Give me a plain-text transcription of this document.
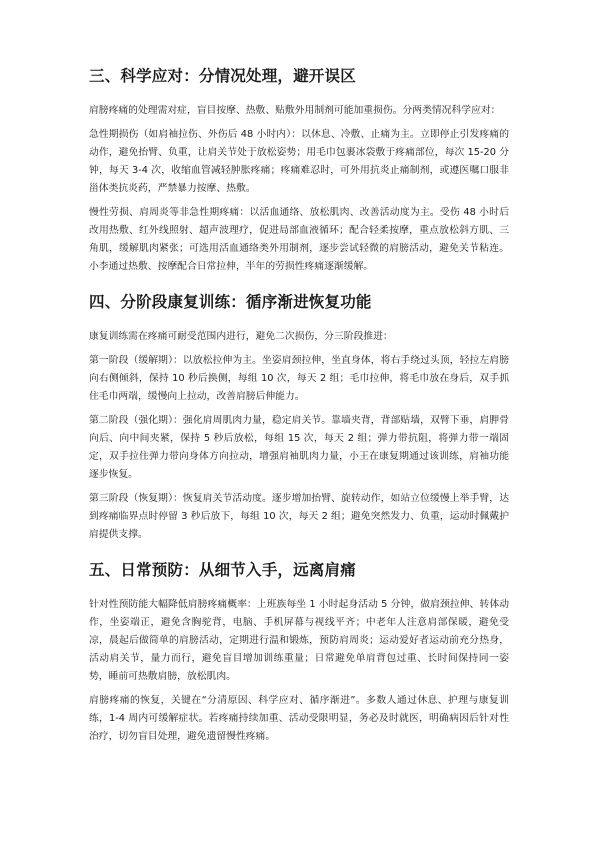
三、科学应对：分情况处理，避开误区

肩膀疼痛的处理需对症，盲目按摩、热敷、贴敷外用制剂可能加重损伤。分两类情况科学应对：

急性期损伤（如肩袖拉伤、外伤后 48 小时内）：以休息、冷敷、止痛为主。立即停止引发疼痛的动作，避免抬臂、负重，让肩关节处于放松姿势；用毛巾包裹冰袋敷于疼痛部位，每次 15-20 分钟，每天 3-4 次，收缩血管减轻肿胀疼痛；疼痛难忍时，可外用抗炎止痛制剂，或遵医嘱口服非甾体类抗炎药，严禁暴力按摩、热敷。

慢性劳损、肩周炎等非急性期疼痛：以活血通络、放松肌肉、改善活动度为主。受伤 48 小时后改用热敷、红外线照射、超声波理疗，促进局部血液循环；配合轻柔按摩，重点放松斜方肌、三角肌，缓解肌肉紧张；可选用活血通络类外用制剂，逐步尝试轻微的肩膀活动，避免关节粘连。小李通过热敷、按摩配合日常拉伸，半年的劳损性疼痛逐渐缓解。

四、分阶段康复训练：循序渐进恢复功能

康复训练需在疼痛可耐受范围内进行，避免二次损伤，分三阶段推进：

第一阶段（缓解期）：以放松拉伸为主。坐姿肩颈拉伸，坐直身体，将右手绕过头顶，轻拉左肩膀向右侧倾斜，保持 10 秒后换侧，每组 10 次，每天 2 组；毛巾拉伸，将毛巾放在身后，双手抓住毛巾两端，缓慢向上拉动，改善肩膀后伸能力。

第二阶段（强化期）：强化肩周肌肉力量，稳定肩关节。靠墙夹背，背部贴墙，双臂下垂，肩胛骨向后、向中间夹紧，保持 5 秒后放松，每组 15 次，每天 2 组；弹力带抗阻，将弹力带一端固定，双手拉住弹力带向身体方向拉动，增强肩袖肌肉力量，小王在康复期通过该训练，肩袖功能逐步恢复。

第三阶段（恢复期）：恢复肩关节活动度。逐步增加抬臂、旋转动作，如站立位缓慢上举手臂，达到疼痛临界点时停留 3 秒后放下，每组 10 次，每天 2 组；避免突然发力、负重，运动时佩戴护肩提供支撑。

五、日常预防：从细节入手，远离肩痛

针对性预防能大幅降低肩膀疼痛概率：上班族每坐 1 小时起身活动 5 分钟，做肩颈拉伸、转体动作，坐姿端正，避免含胸驼背，电脑、手机屏幕与视线平齐；中老年人注意肩部保暖，避免受凉，晨起后做简单的肩膀活动，定期进行温和锻炼，预防肩周炎；运动爱好者运动前充分热身，活动肩关节，量力而行，避免盲目增加训练重量；日常避免单肩背包过重、长时间保持同一姿势，睡前可热敷肩膀，放松肌肉。

肩膀疼痛的恢复，关键在“分清原因、科学应对、循序渐进”。多数人通过休息、护理与康复训练，1-4 周内可缓解症状。若疼痛持续加重、活动受限明显，务必及时就医，明确病因后针对性治疗，切勿盲目处理，避免遗留慢性疼痛。
